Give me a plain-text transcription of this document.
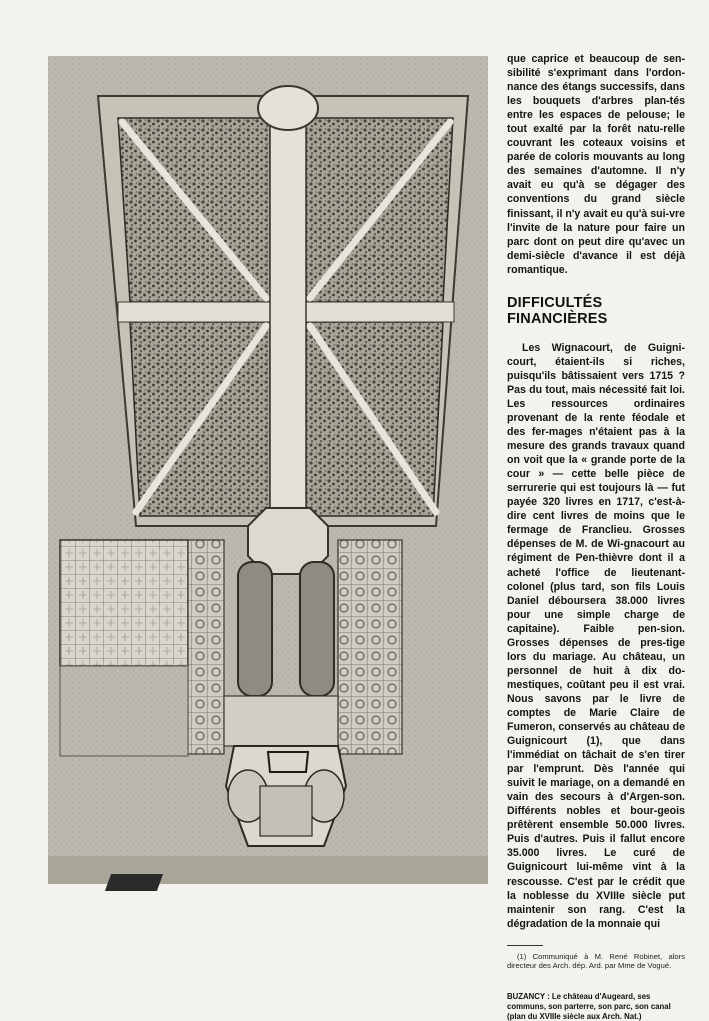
que caprice et beaucoup de sen-sibilité s'exprimant dans l'ordon-nance des étangs successifs, dans les bouquets d'arbres plan-tés entre les espaces de pelouse; le tout exalté par la forêt natu-relle couvrant les coteaux voisins et parée de coloris mouvants au long des semaines d'automne. Il n'y avait eu qu'à se dégager des conventions du grand siècle finissant, il n'y avait eu qu'à sui-vre l'invite de la nature pour faire un parc dont on peut dire qu'avec un demi-siècle d'avance il est déjà romantique.

DIFFICULTÉS
FINANCIÈRES

Les Wignacourt, de Guigni-court, étaient-ils si riches, puisqu'ils bâtissaient vers 1715 ? Pas du tout, mais nécessité fait loi. Les ressources ordinaires provenant de la rente féodale et des fer-mages n'étaient pas à la mesure des grands travaux quand on voit que la « grande porte de la cour » — cette belle pièce de serrurerie qui est toujours là — fut payée 320 livres en 1717, c'est-à-dire cent livres de moins que le fermage de Franclieu. Grosses dépenses de M. de Wi-gnacourt au régiment de Pen-thièvre dont il a acheté l'office de lieutenant-colonel (plus tard, son fils Louis Daniel déboursera 38.000 livres pour une simple charge de capitaine). Faible pen-sion. Grosses dépenses de pres-tige lors du mariage. Au château, un personnel de huit à dix do-mestiques, coûtant peu il est vrai. Nous savons par le livre de comptes de Marie Claire de Fumeron, conservés au château de Guignicourt (1), que dans l'immédiat on tâchait de s'en tirer par l'emprunt. Dès l'année qui suivit le mariage, on a demandé en vain des secours à d'Argen-son. Différents nobles et bour-geois prêtèrent ensemble 50.000 livres. Puis d'autres. Puis il fallut encore 35.000 livres. Le curé de Guignicourt lui-même vint à la rescousse. C'est par le crédit que la noblesse du XVIIIe siècle put maintenir son rang. C'est la dégradation de la monnaie qui

(1) Communiqué à M. René Robinet, alors directeur des Arch. dép. Ard. par Mme de Vogué.

BUZANCY : Le château d'Augeard, ses communs, son parterre, son parc, son canal (plan du XVIIIe siècle aux Arch. Nat.)
